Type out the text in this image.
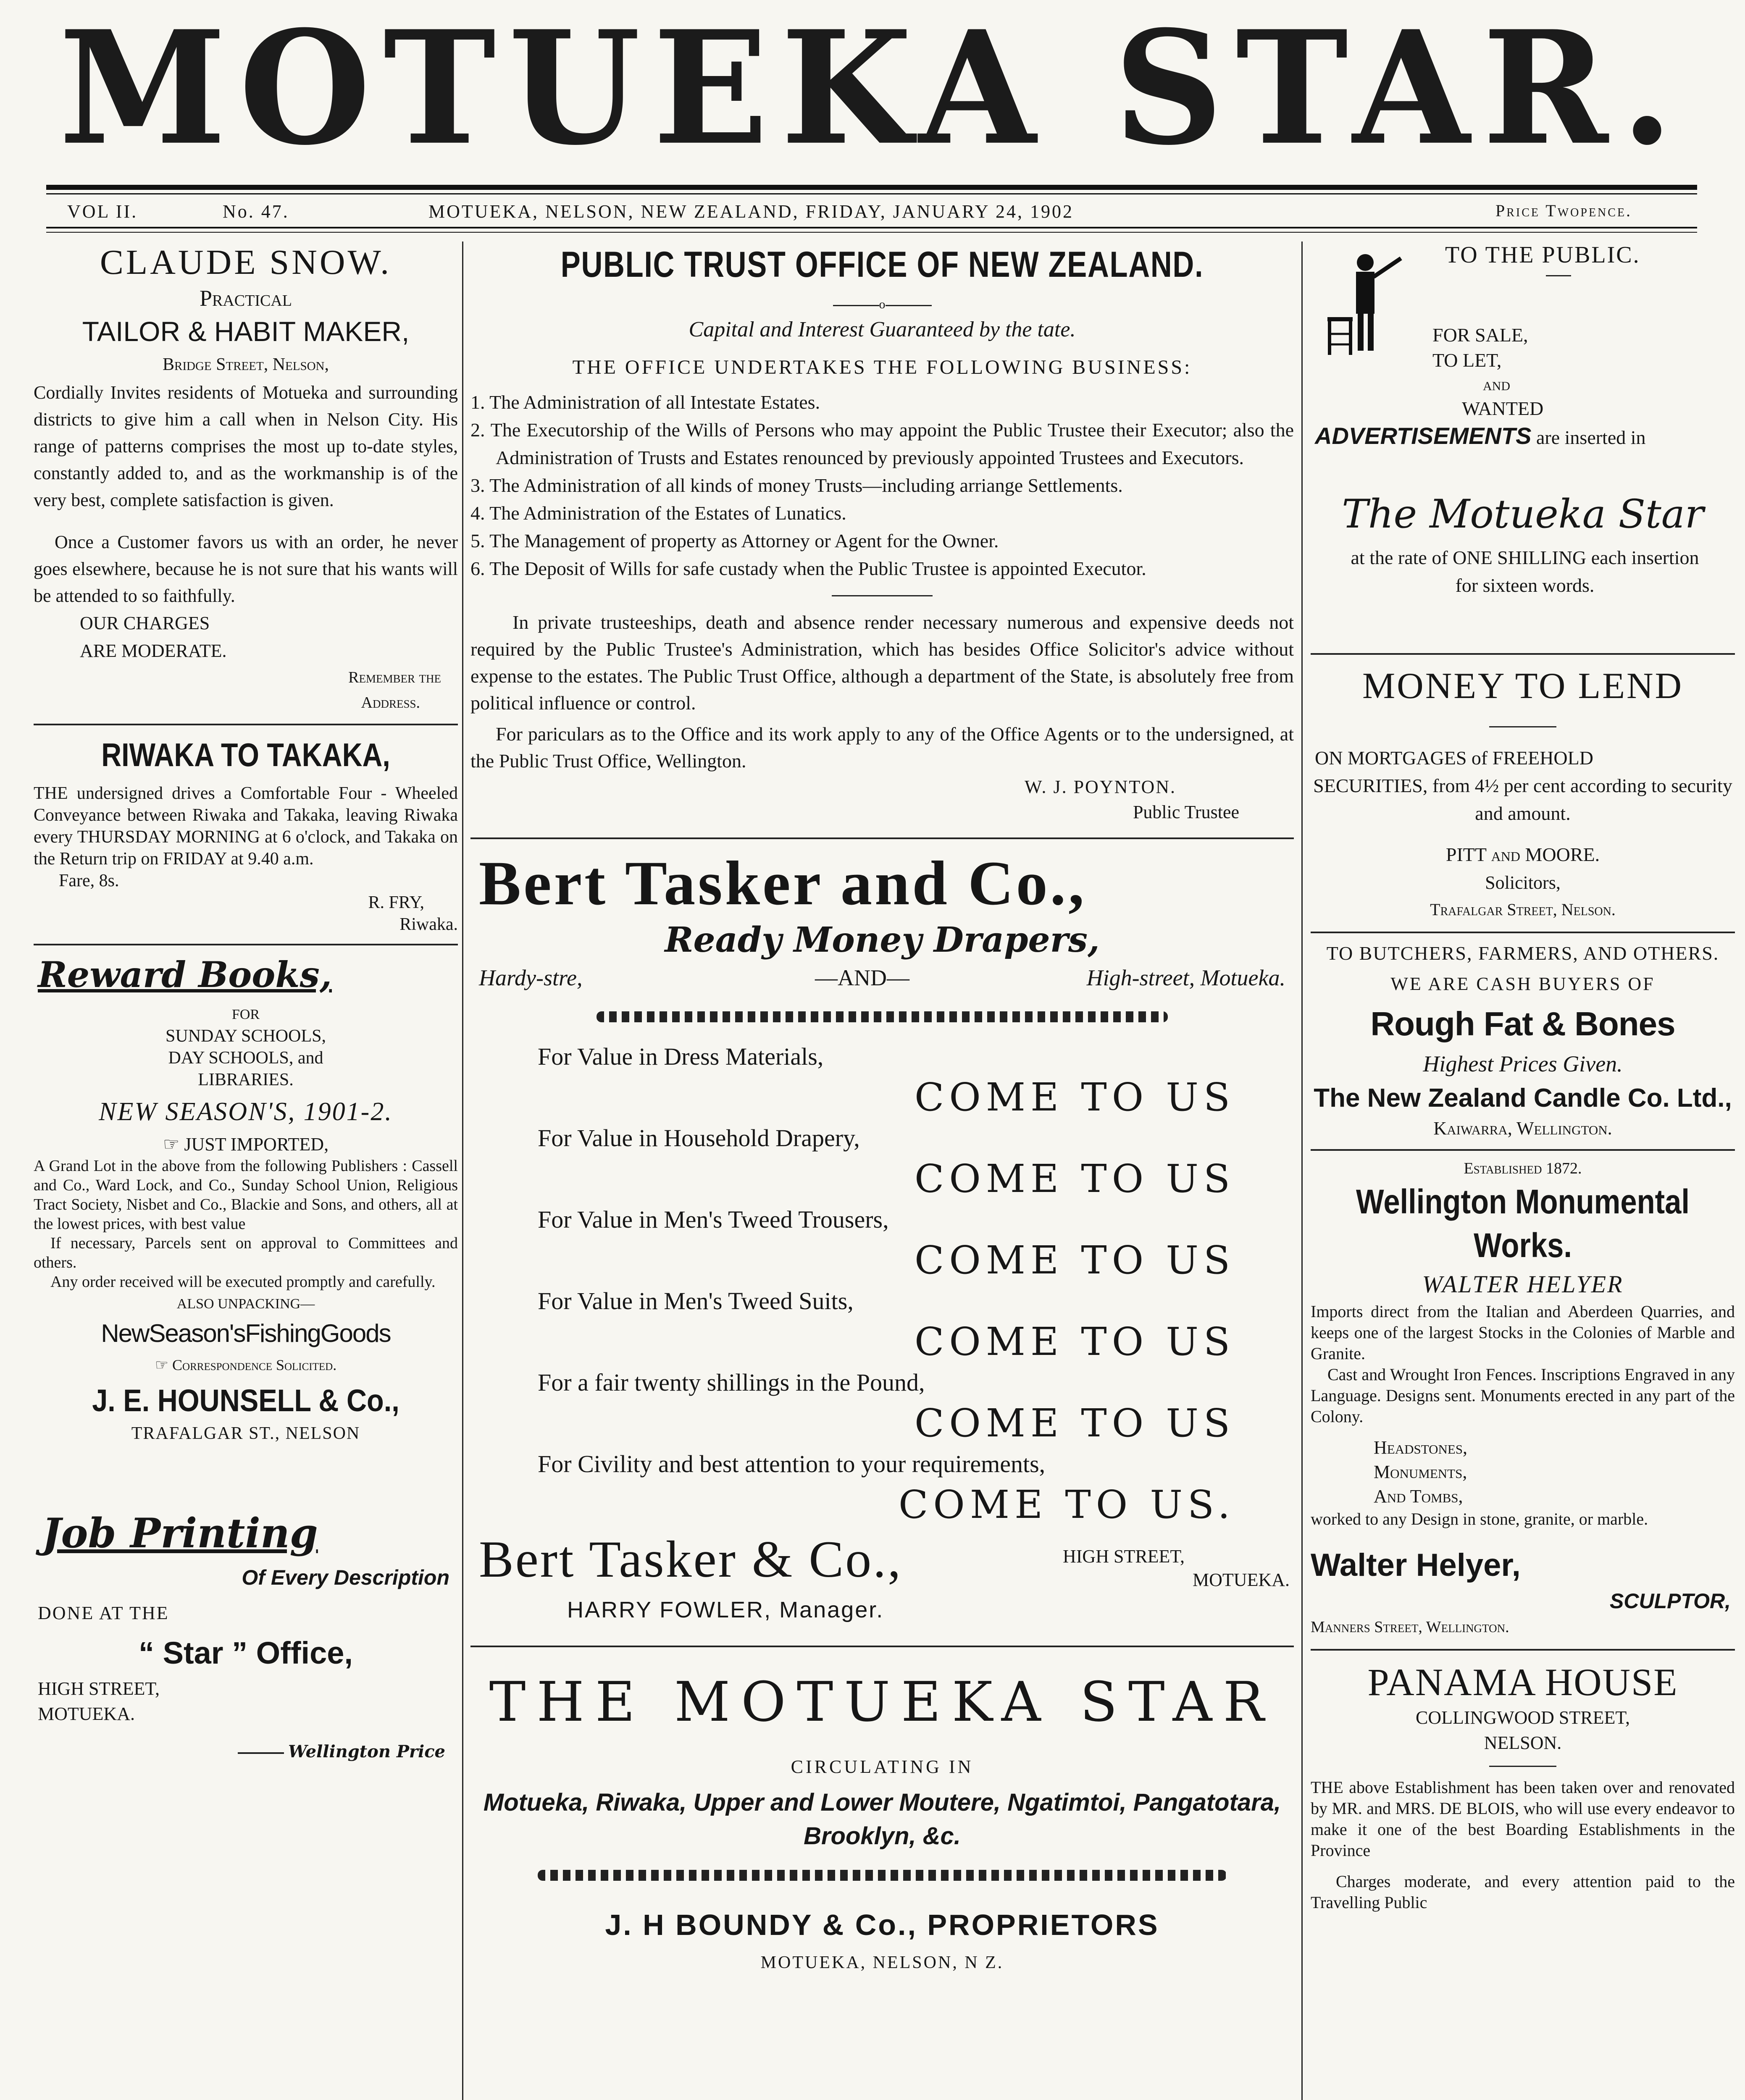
MOTUEKA STAR.
VOL II.	No. 47.	MOTUEKA, NELSON, NEW ZEALAND, FRIDAY, JANUARY 24, 1902	Price Twopence.
CLAUDE SNOW.
Practical
TAILOR & HABIT MAKER,
Bridge Street, Nelson,

Cordially Invites residents of Motueka and surrounding districts to give him a call when in Nelson City. His range of patterns comprises the most up to-date styles, constantly added to, and as the workmanship is of the very best, complete satisfaction is given.

Once a Customer favors us with an order, he never goes elsewhere, because he is not sure that his wants will be attended to so faithfully.

OUR CHARGES
ARE MODERATE.
Remember the
Address.
RIWAKA TO TAKAKA,

THE undersigned drives a Comfortable Four - Wheeled Conveyance between Riwaka and Takaka, leaving Riwaka every THURSDAY MORNING at 6 o'clock, and Takaka on the Return trip on FRIDAY at 9.40 a.m.

Fare, 8s.
R. FRY,
Riwaka.
Reward Books,
FOR
SUNDAY SCHOOLS,
DAY SCHOOLS, and
LIBRARIES.
NEW SEASON'S, 1901-2.
☞ JUST IMPORTED,

A Grand Lot in the above from the following Publishers : Cassell and Co., Ward Lock, and Co., Sunday School Union, Religious Tract Society, Nisbet and Co., Blackie and Sons, and others, all at the lowest prices, with best value

If necessary, Parcels sent on approval to Committees and others.

Any order received will be executed promptly and carefully.

ALSO UNPACKING—
NewSeason'sFishingGoods
☞ Correspondence Solicited.
J. E. HOUNSELL & Co.,
TRAFALGAR ST., NELSON
Job Printing
Of Every Description
DONE AT THE
“ Star ” Office,
HIGH STREET,
MOTUEKA.
Wellington Price
PUBLIC TRUST OFFICE OF NEW ZEALAND.
o
Capital and Interest Guaranteed by the tate.
THE OFFICE UNDERTAKES THE FOLLOWING BUSINESS:
1. The Administration of all Intestate Estates.
2. The Executorship of the Wills of Persons who may appoint the Public Trustee their Executor; also the Administration of Trusts and Estates renounced by previously appointed Trustees and Executors.
3. The Administration of all kinds of money Trusts—including arriange Settlements.
4. The Administration of the Estates of Lunatics.
5. The Management of property as Attorney or Agent for the Owner.
6. The Deposit of Wills for safe custady when the Public Trustee is appointed Executor.

In private trusteeships, death and absence render necessary numerous and expensive deeds not required by the Public Trustee's Administration, which has besides Office Solicitor's advice without expense to the estates. The Public Trust Office, although a department of the State, is absolutely free from political influence or control.

For pariculars as to the Office and its work apply to any of the Office Agents or to the undersigned, at the Public Trust Office, Wellington.

W. J. POYNTON.
Public Trustee
Bert Tasker and Co.,
Ready Money Drapers,
Hardy-stre,	—AND—	High-street, Motueka.
For Value in Dress Materials,
COME TO US
For Value in Household Drapery,
COME TO US
For Value in Men's Tweed Trousers,
COME TO US
For Value in Men's Tweed Suits,
COME TO US
For a fair twenty shillings in the Pound,
COME TO US
For Civility and best attention to your requirements,
COME TO US.
Bert Tasker & Co.,	HIGH STREET,
MOTUEKA.
HARRY FOWLER, Manager.
THE MOTUEKA STAR
CIRCULATING IN
Motueka, Riwaka, Upper and Lower Moutere, Ngatimtoi, Pangatotara, Brooklyn, &c.
J. H BOUNDY & Co., PROPRIETORS
MOTUEKA, NELSON, N Z.
TO THE PUBLIC.
FOR SALE,
TO LET,
AND
WANTED
ADVERTISEMENTS are inserted in
The Motueka Star
at the rate of ONE SHILLING each insertion for sixteen words.
MONEY TO LEND
ON MORTGAGES of FREEHOLD
SECURITIES, from 4½ per cent according to security and amount.
PITT and MOORE.
Solicitors,
Trafalgar Street, Nelson.
TO BUTCHERS, FARMERS, AND OTHERS.
WE ARE CASH BUYERS OF
Rough Fat & Bones
Highest Prices Given.
The New Zealand Candle Co. Ltd.,
Kaiwarra, Wellington.
Established 1872.
Wellington Monumental Works.
WALTER HELYER

Imports direct from the Italian and Aberdeen Quarries, and keeps one of the largest Stocks in the Colonies of Marble and Granite.

Cast and Wrought Iron Fences. Inscriptions Engraved in any Language. Designs sent. Monuments erected in any part of the Colony.

Headstones,
Monuments,
And Tombs,

worked to any Design in stone, granite, or marble.

Walter Helyer,
SCULPTOR,
Manners Street, Wellington.
PANAMA HOUSE
COLLINGWOOD STREET,
NELSON.

THE above Establishment has been taken over and renovated by MR. and MRS. DE BLOIS, who will use every endeavor to make it one of the best Boarding Establishments in the Province

Charges moderate, and every attention paid to the Travelling Public
